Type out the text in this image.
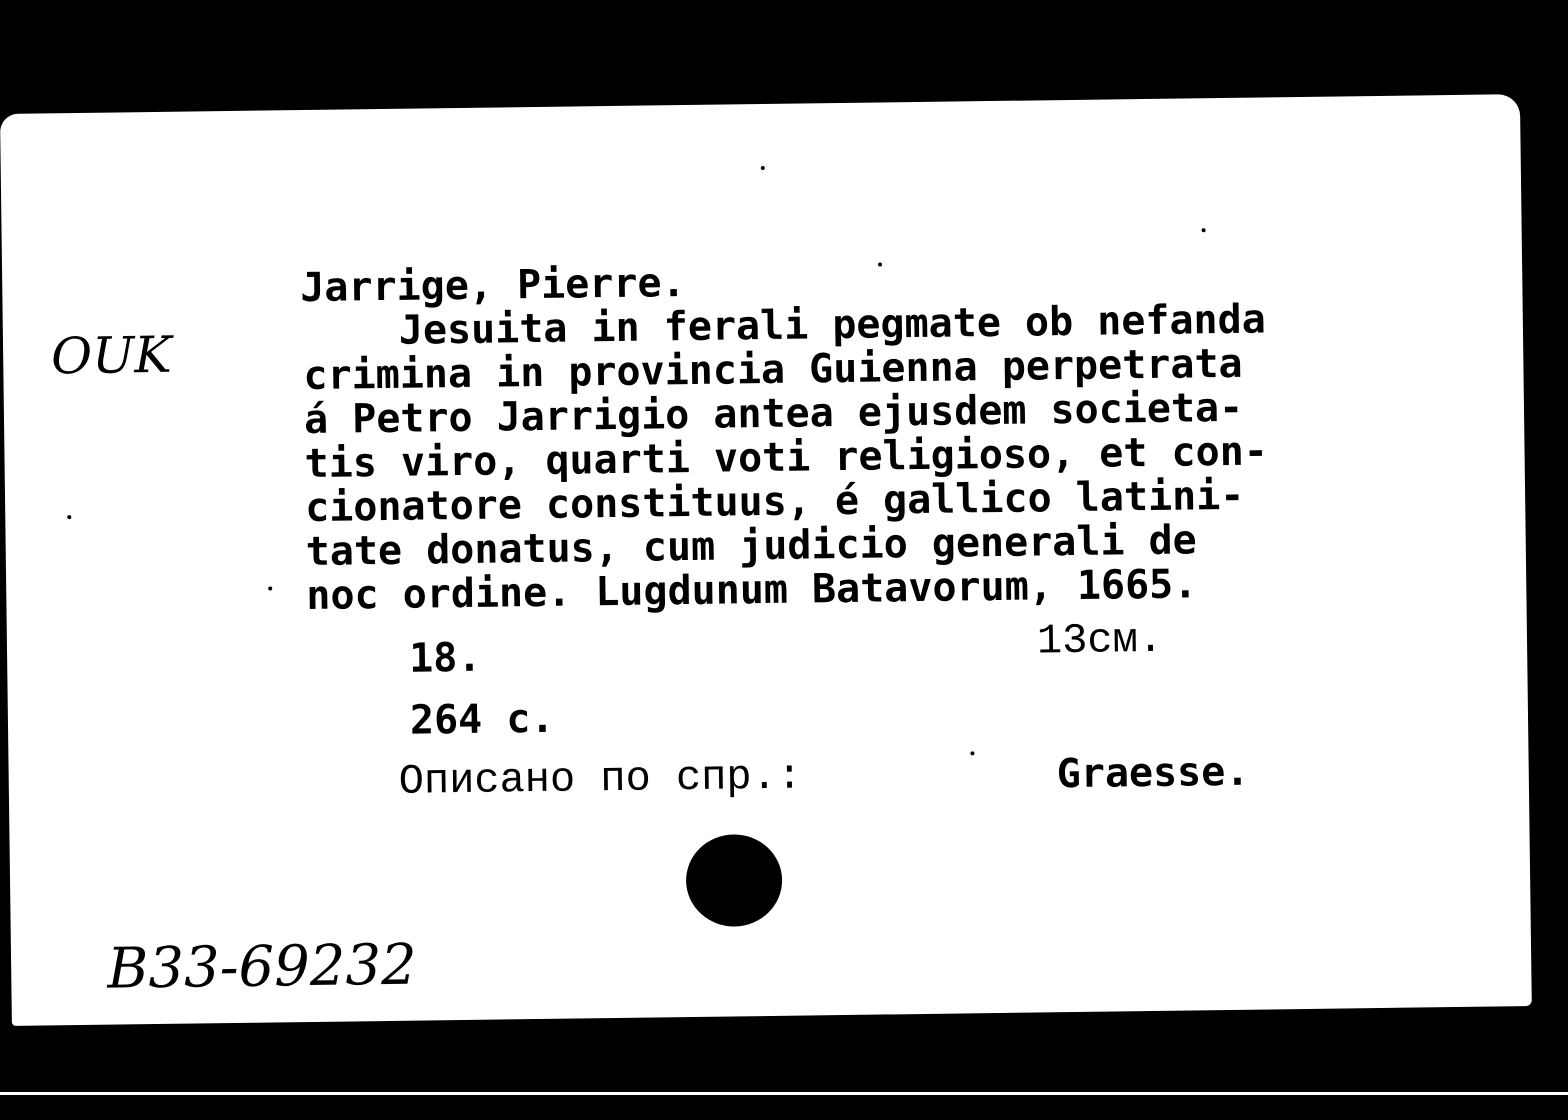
OUK
Jarrige, Pierre.
Jesuita in ferali pegmate ob nefanda
crimina in provincia Guienna perpetrata
á Petro Jarrigio antea ejusdem societa-
tis viro, quarti voti religioso, et con-
cionatore constituus, é gallico latini-
tate donatus, cum judicio generali de
noc ordine. Lugdunum Batavorum, 1665.
18.	13см.
264 с.
Описано по спр.:	Graesse.
B33-69232
